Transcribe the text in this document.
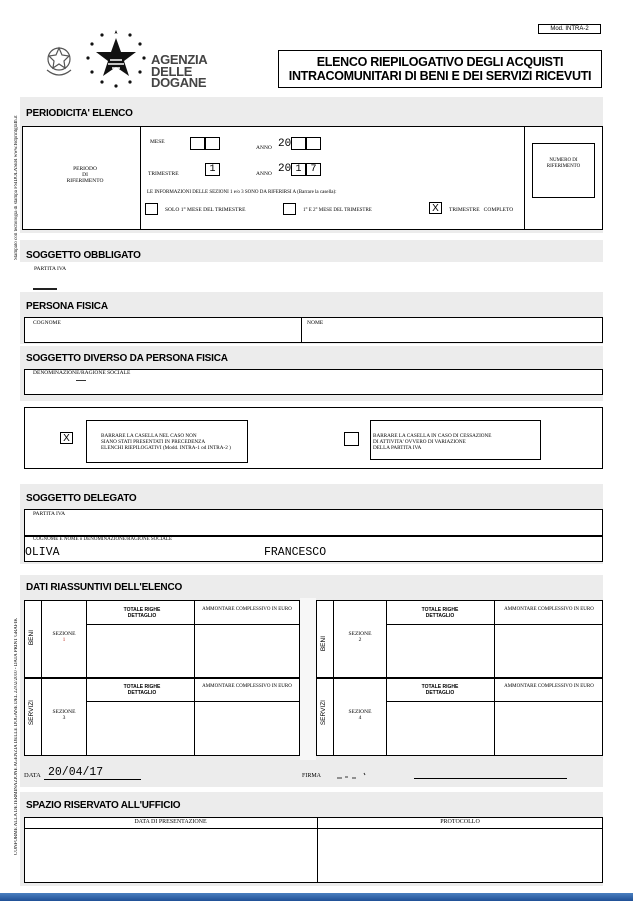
Mod. INTRA-2
AGENZIA
DELLE
DOGANE
ELENCO RIEPILOGATIVO DEGLI ACQUISTI
INTRACOMUNITARI DI BENI E DEI SERVIZI RICEVUTI
Stampato con tecnologia di stampa FSIDOLASER www.fsdprintgrafh.it
CONFORME ALLA DETERMINAZIONE AGENZIA DELLE DOGANE DEL 22/02/2010 - DATA PRINT GRAFIK
PERIODICITA' ELENCO
PERIODO
DI
RIFERIMENTO
MESE
ANNO 20
TRIMESTRE	1	ANNO 20 1 7
LE INFORMAZIONI DELLE SEZIONI 1 e/o 3 SONO DA RIFERIRSI A (Barrare la casella):
SOLO 1° MESE DEL TRIMESTRE	1° E 2° MESE DEL TRIMESTRE	X	TRIMESTRE   COMPLETO
NUMERO DI
RIFERIMENTO
SOGGETTO OBBLIGATO
PARTITA IVA
PERSONA FISICA
COGNOME	NOME
SOGGETTO DIVERSO DA PERSONA FISICA
DENOMINAZIONE/RAGIONE SOCIALE
X	BARRARE LA CASELLA NEL CASO NON
SIANO STATI PRESENTATI IN PRECEDENZA
ELENCHI RIEPILOGATIVI (Modd. INTRA-1 od INTRA-2 )
BARRARE LA CASELLA IN CASO DI CESSAZIONE
DI ATTIVITA' OVVERO DI VARIAZIONE
DELLA PARTITA IVA
SOGGETTO DELEGATO
PARTITA IVA
COGNOME E NOME o DENOMINAZIONE/RAGIONE SOCIALE
OLIVA	FRANCESCO
DATI RIASSUNTIVI DELL'ELENCO
BENI	SEZIONE
1
TOTALE RIGHE DETTAGLIO
AMMONTARE COMPLESSIVO IN EURO
BENI
SEZIONE
2
TOTALE RIGHE DETTAGLIO
AMMONTARE COMPLESSIVO IN EURO
SERVIZI	SEZIONE
3
TOTALE RIGHE DETTAGLIO
AMMONTARE COMPLESSIVO IN EURO
SERVIZI	SEZIONE
4
TOTALE RIGHE DETTAGLIO
AMMONTARE COMPLESSIVO IN EURO
DATA 20/04/17	FIRMA
SPAZIO RISERVATO ALL'UFFICIO
DATA DI PRESENTAZIONE	PROTOCOLLO
